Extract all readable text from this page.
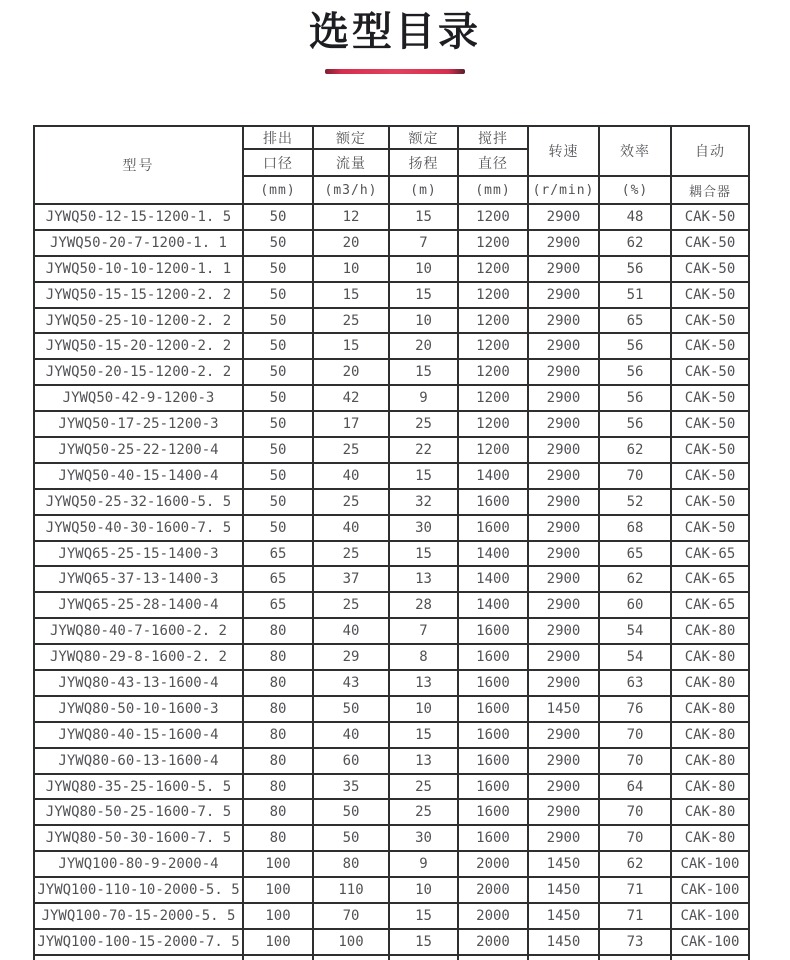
选型目录
型号	排出	额定	额定	搅拌	转速	效率	自动
	口径	流量	扬程	直径			
	(mm)	(m3/h)	(m)	(mm)	(r/min)	(%)	耦合器
JYWQ50-12-15-1200-1. 5	50	12	15	1200	2900	48	CAK-50
JYWQ50-20-7-1200-1. 1	50	20	7	1200	2900	62	CAK-50
JYWQ50-10-10-1200-1. 1	50	10	10	1200	2900	56	CAK-50
JYWQ50-15-15-1200-2. 2	50	15	15	1200	2900	51	CAK-50
JYWQ50-25-10-1200-2. 2	50	25	10	1200	2900	65	CAK-50
JYWQ50-15-20-1200-2. 2	50	15	20	1200	2900	56	CAK-50
JYWQ50-20-15-1200-2. 2	50	20	15	1200	2900	56	CAK-50
JYWQ50-42-9-1200-3	50	42	9	1200	2900	56	CAK-50
JYWQ50-17-25-1200-3	50	17	25	1200	2900	56	CAK-50
JYWQ50-25-22-1200-4	50	25	22	1200	2900	62	CAK-50
JYWQ50-40-15-1400-4	50	40	15	1400	2900	70	CAK-50
JYWQ50-25-32-1600-5. 5	50	25	32	1600	2900	52	CAK-50
JYWQ50-40-30-1600-7. 5	50	40	30	1600	2900	68	CAK-50
JYWQ65-25-15-1400-3	65	25	15	1400	2900	65	CAK-65
JYWQ65-37-13-1400-3	65	37	13	1400	2900	62	CAK-65
JYWQ65-25-28-1400-4	65	25	28	1400	2900	60	CAK-65
JYWQ80-40-7-1600-2. 2	80	40	7	1600	2900	54	CAK-80
JYWQ80-29-8-1600-2. 2	80	29	8	1600	2900	54	CAK-80
JYWQ80-43-13-1600-4	80	43	13	1600	2900	63	CAK-80
JYWQ80-50-10-1600-3	80	50	10	1600	1450	76	CAK-80
JYWQ80-40-15-1600-4	80	40	15	1600	2900	70	CAK-80
JYWQ80-60-13-1600-4	80	60	13	1600	2900	70	CAK-80
JYWQ80-35-25-1600-5. 5	80	35	25	1600	2900	64	CAK-80
JYWQ80-50-25-1600-7. 5	80	50	25	1600	2900	70	CAK-80
JYWQ80-50-30-1600-7. 5	80	50	30	1600	2900	70	CAK-80
JYWQ100-80-9-2000-4	100	80	9	2000	1450	62	CAK-100
JYWQ100-110-10-2000-5. 5	100	110	10	2000	1450	71	CAK-100
JYWQ100-70-15-2000-5. 5	100	70	15	2000	1450	71	CAK-100
JYWQ100-100-15-2000-7. 5	100	100	15	2000	1450	73	CAK-100
